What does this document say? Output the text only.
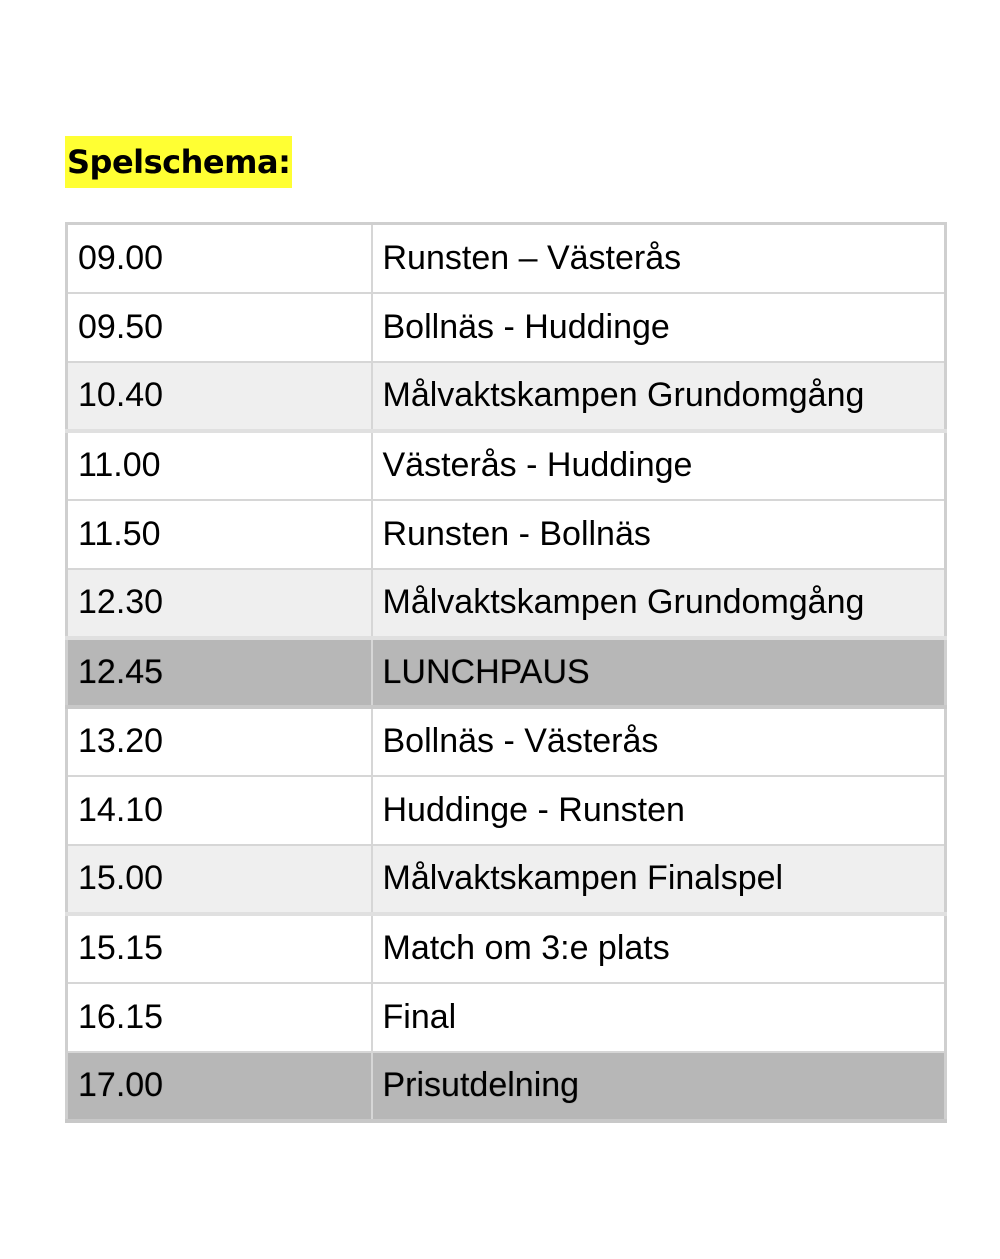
Spelschema:
09.00	Runsten – Västerås
09.50	Bollnäs - Huddinge
10.40	Målvaktskampen Grundomgång
11.00	Västerås - Huddinge
11.50	Runsten - Bollnäs
12.30	Målvaktskampen Grundomgång
12.45	LUNCHPAUS
13.20	Bollnäs - Västerås
14.10	Huddinge - Runsten
15.00	Målvaktskampen Finalspel
15.15	Match om 3:e plats
16.15	Final
17.00	Prisutdelning
